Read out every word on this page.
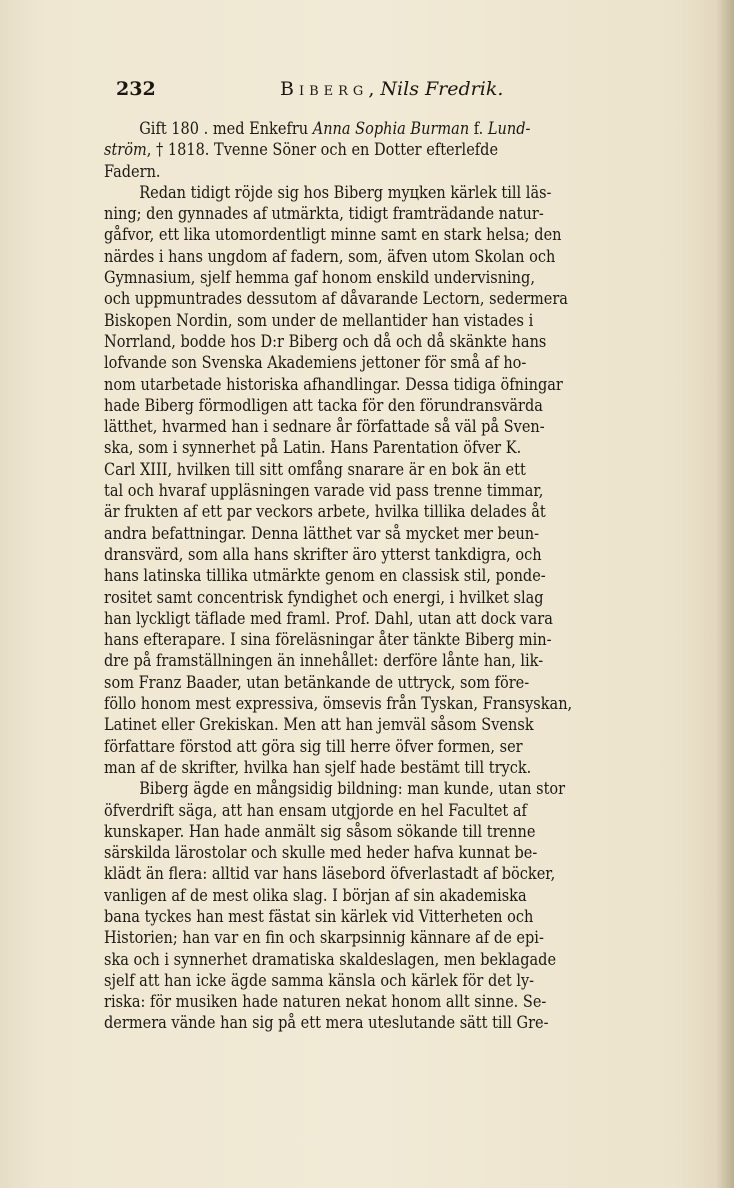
232	Biberg, Nils Fredrik.
Gift 180 . med Enkefru Anna Sophia Burman f. Lund-
ström, † 1818. Tvenne Söner och en Dotter efterlefde
Fadern.
Redan tidigt röjde sig hos Biberg myцken kärlek till läs-
ning; den gynnades af utmärkta, tidigt framträdande natur-
gåfvor, ett lika utomordentligt minne samt en stark helsa; den
närdes i hans ungdom af fadern, som, äfven utom Skolan och
Gymnasium, sjelf hemma gaf honom enskild undervisning,
och uppmuntrades dessutom af dåvarande Lectorn, sedermera
Biskopen Nordin, som under de mellantider han vistades i
Norrland, bodde hos D:r Biberg och då och då skänkte hans
lofvande son Svenska Akademiens jettoner för små af ho-
nom utarbetade historiska afhandlingar. Dessa tidiga öfningar
hade Biberg förmodligen att tacka för den förundransvärda
lätthet, hvarmed han i sednare år författade så väl på Sven-
ska, som i synnerhet på Latin. Hans Parentation öfver K.
Carl XIII, hvilken till sitt omfång snarare är en bok än ett
tal och hvaraf uppläsningen varade vid pass trenne timmar,
är frukten af ett par veckors arbete, hvilka tillika delades åt
andra befattningar. Denna lätthet var så mycket mer beun-
dransvärd, som alla hans skrifter äro ytterst tankdigra, och
hans latinska tillika utmärkte genom en classisk stil, ponde-
rositet samt concentrisk fyndighet och energi, i hvilket slag
han lyckligt täflade med framl. Prof. Dahl, utan att dock vara
hans efterapare. I sina föreläsningar åter tänkte Biberg min-
dre på framställningen än innehållet: derföre lånte han, lik-
som Franz Baader, utan betänkande de uttryck, som före-
föllo honom mest expressiva, ömsevis från Tyskan, Fransyskan,
Latinet eller Grekiskan. Men att han jemväl såsom Svensk
författare förstod att göra sig till herre öfver formen, ser
man af de skrifter, hvilka han sjelf hade bestämt till tryck.
Biberg ägde en mångsidig bildning: man kunde, utan stor
öfverdrift säga, att han ensam utgjorde en hel Facultet af
kunskaper. Han hade anmält sig såsom sökande till trenne
särskilda lärostolar och skulle med heder hafva kunnat be-
klädt än flera: alltid var hans läsebord öfverlastadt af böcker,
vanligen af de mest olika slag. I början af sin akademiska
bana tyckes han mest fästat sin kärlek vid Vitterheten och
Historien; han var en fin och skarpsinnig kännare af de epi-
ska och i synnerhet dramatiska skaldeslagen, men beklagade
sjelf att han icke ägde samma känsla och kärlek för det ly-
riska: för musiken hade naturen nekat honom allt sinne. Se-
dermera vände han sig på ett mera uteslutande sätt till Gre-
